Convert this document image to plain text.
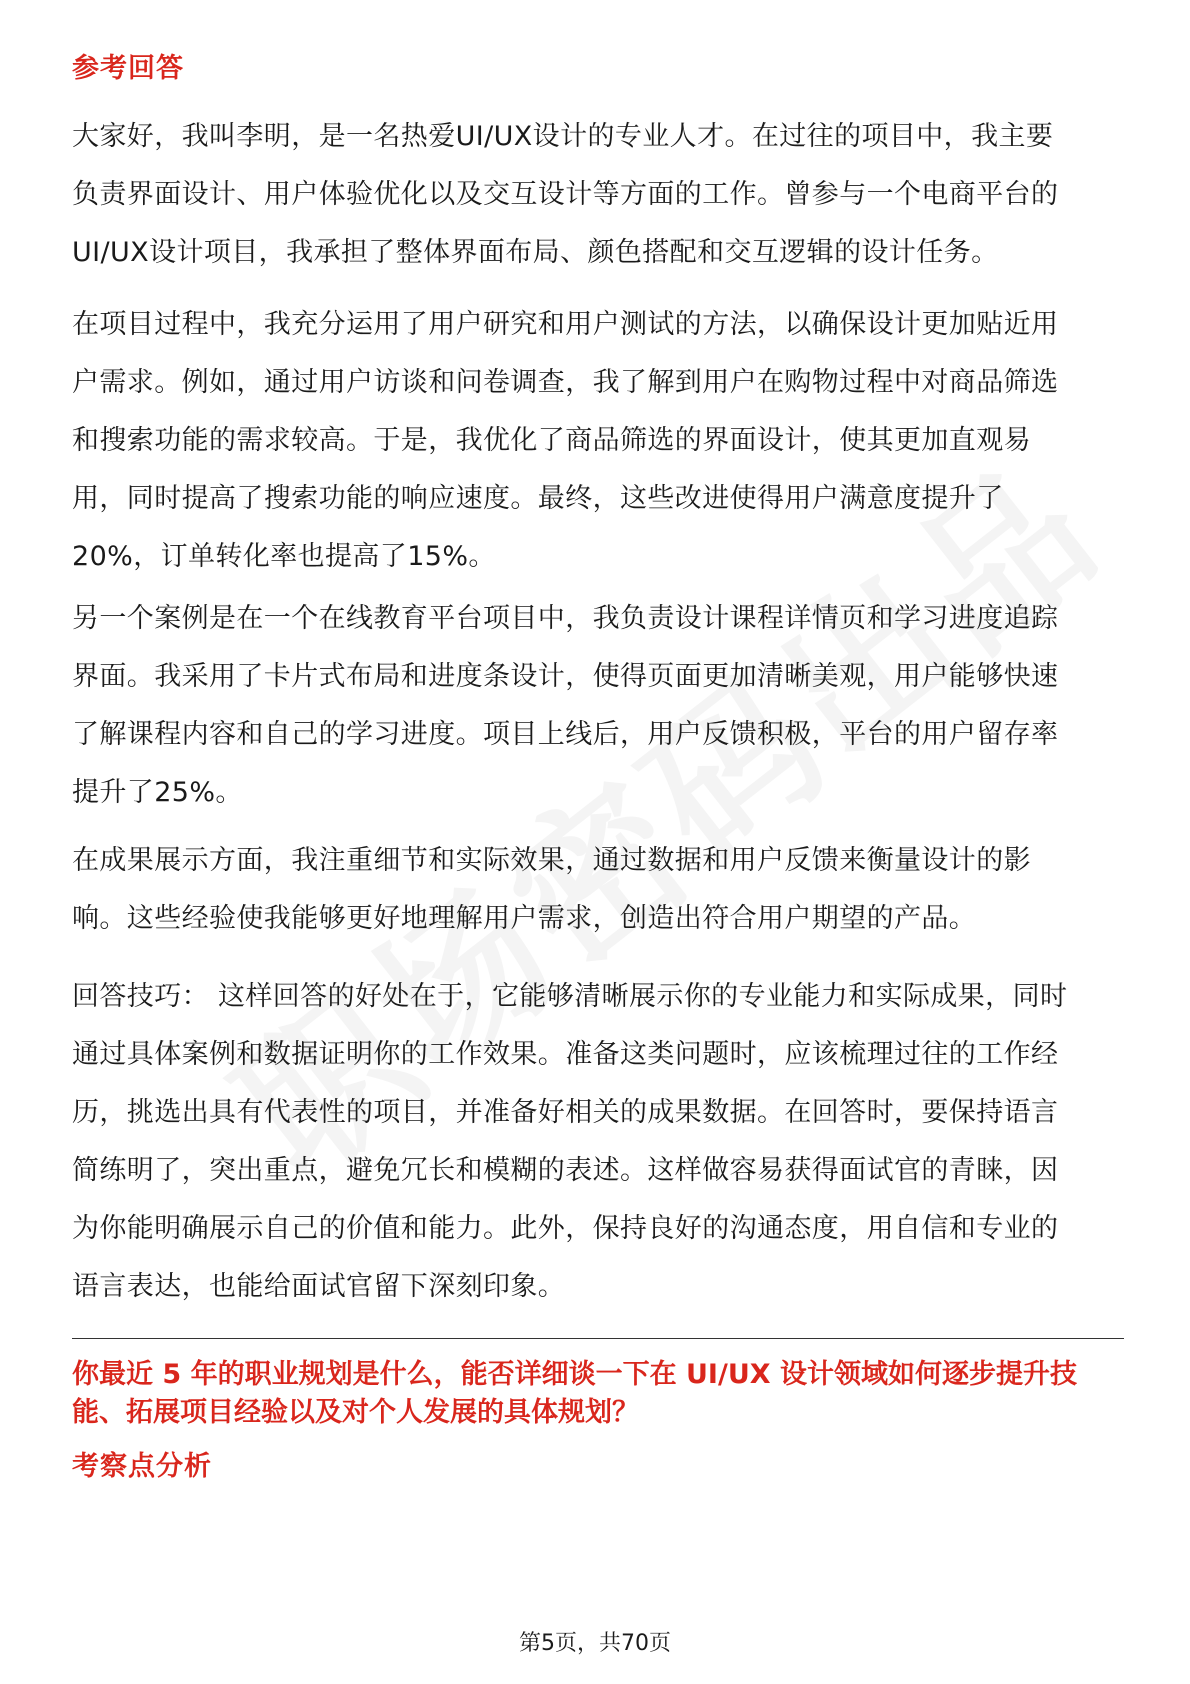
参考回答
大家好，我叫李明，是一名热爱UI/UX设计的专业人才。在过往的项目中，我主要
负责界面设计、用户体验优化以及交互设计等方面的工作。曾参与一个电商平台的
UI/UX设计项目，我承担了整体界面布局、颜色搭配和交互逻辑的设计任务。
在项目过程中，我充分运用了用户研究和用户测试的方法，以确保设计更加贴近用
户需求。例如，通过用户访谈和问卷调查，我了解到用户在购物过程中对商品筛选
和搜索功能的需求较高。于是，我优化了商品筛选的界面设计，使其更加直观易
用，同时提高了搜索功能的响应速度。最终，这些改进使得用户满意度提升了
20%，订单转化率也提高了15%。
另一个案例是在一个在线教育平台项目中，我负责设计课程详情页和学习进度追踪
界面。我采用了卡片式布局和进度条设计，使得页面更加清晰美观，用户能够快速
了解课程内容和自己的学习进度。项目上线后，用户反馈积极，平台的用户留存率
提升了25%。
在成果展示方面，我注重细节和实际效果，通过数据和用户反馈来衡量设计的影
响。这些经验使我能够更好地理解用户需求，创造出符合用户期望的产品。
回答技巧： 这样回答的好处在于，它能够清晰展示你的专业能力和实际成果，同时
通过具体案例和数据证明你的工作效果。准备这类问题时，应该梳理过往的工作经
历，挑选出具有代表性的项目，并准备好相关的成果数据。在回答时，要保持语言
简练明了，突出重点，避免冗长和模糊的表述。这样做容易获得面试官的青睐，因
为你能明确展示自己的价值和能力。此外，保持良好的沟通态度，用自信和专业的
语言表达，也能给面试官留下深刻印象。
你最近 5 年的职业规划是什么，能否详细谈一下在 UI/UX 设计领域如何逐步提升技
能、拓展项目经验以及对个人发展的具体规划？
考察点分析
第5页，共70页
